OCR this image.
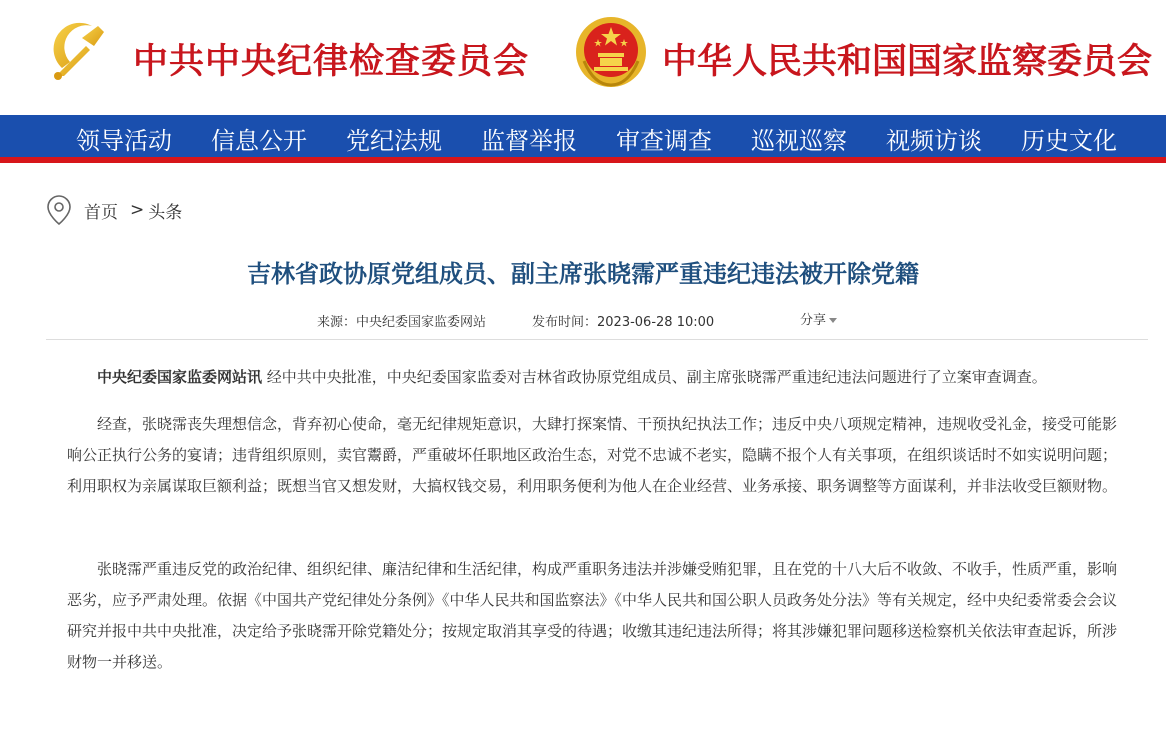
中共中央纪律检查委员会	中华人民共和国国家监察委员会
领导活动 信息公开 党纪法规 监督举报 审查调查 巡视巡察 视频访谈 历史文化
首页 > 头条
吉林省政协原党组成员、副主席张晓霈严重违纪违法被开除党籍
来源：中央纪委国家监委网站	发布时间：2023-06-28 10:00	分享

中央纪委国家监委网站讯 经中共中央批准，中央纪委国家监委对吉林省政协原党组成员、副主席张晓霈严重违纪违法问题进行了立案审查调查。

经查，张晓霈丧失理想信念，背弃初心使命，毫无纪律规矩意识，大肆打探案情、干预执纪执法工作；违反中央八项规定精神，违规收受礼金，接受可能影响公正执行公务的宴请；违背组织原则，卖官鬻爵，严重破坏任职地区政治生态，对党不忠诚不老实，隐瞒不报个人有关事项，在组织谈话时不如实说明问题；利用职权为亲属谋取巨额利益；既想当官又想发财，大搞权钱交易，利用职务便利为他人在企业经营、业务承接、职务调整等方面谋利，并非法收受巨额财物。

张晓霈严重违反党的政治纪律、组织纪律、廉洁纪律和生活纪律，构成严重职务违法并涉嫌受贿犯罪，且在党的十八大后不收敛、不收手，性质严重，影响恶劣，应予严肃处理。依据《中国共产党纪律处分条例》《中华人民共和国监察法》《中华人民共和国公职人员政务处分法》等有关规定，经中央纪委常委会会议研究并报中共中央批准，决定给予张晓霈开除党籍处分；按规定取消其享受的待遇；收缴其违纪违法所得；将其涉嫌犯罪问题移送检察机关依法审查起诉，所涉财物一并移送。
